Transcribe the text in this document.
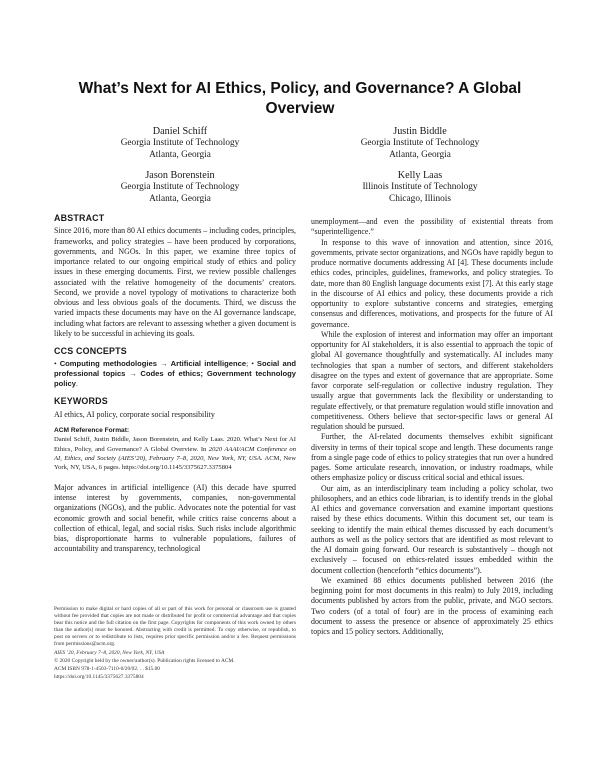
What’s Next for AI Ethics, Policy, and Governance? A Global Overview
Daniel Schiff
Georgia Institute of Technology
Atlanta, Georgia
Justin Biddle
Georgia Institute of Technology
Atlanta, Georgia
Jason Borenstein
Georgia Institute of Technology
Atlanta, Georgia
Kelly Laas
Illinois Institute of Technology
Chicago, Illinois
ABSTRACT

Since 2016, more than 80 AI ethics documents – including codes, principles, frameworks, and policy strategies – have been produced by corporations, governments, and NGOs. In this paper, we examine three topics of importance related to our ongoing empirical study of ethics and policy issues in these emerging documents. First, we review possible challenges associated with the relative homogeneity of the documents’ creators. Second, we provide a novel typology of motivations to characterize both obvious and less obvious goals of the documents. Third, we discuss the varied impacts these documents may have on the AI governance landscape, including what factors are relevant to assessing whether a given document is likely to be successful in achieving its goals.

CCS CONCEPTS

• Computing methodologies → Artificial intelligence; • Social and professional topics → Codes of ethics; Government technology policy.

KEYWORDS

AI ethics, AI policy, corporate social responsibility

ACM Reference Format:
Daniel Schiff, Justin Biddle, Jason Borenstein, and Kelly Laas. 2020. What’s Next for AI Ethics, Policy, and Governance? A Global Overview. In 2020 AAAI/ACM Conference on AI, Ethics, and Society (AIES’20), February 7–8, 2020, New York, NY, USA. ACM, New York, NY, USA, 6 pages. https://doi.org/10.1145/3375627.3375804

Major advances in artificial intelligence (AI) this decade have spurred intense interest by governments, companies, non-governmental organizations (NGOs), and the public. Advocates note the potential for vast economic growth and social benefit, while critics raise concerns about a collection of ethical, legal, and social risks. Such risks include algorithmic bias, disproportionate harms to vulnerable populations, failures of accountability and transparency, technological

Permission to make digital or hard copies of all or part of this work for personal or classroom use is granted without fee provided that copies are not made or distributed for profit or commercial advantage and that copies bear this notice and the full citation on the first page. Copyrights for components of this work owned by others than the author(s) must be honored. Abstracting with credit is permitted. To copy otherwise, or republish, to post on servers or to redistribute to lists, requires prior specific permission and/or a fee. Request permissions from permissions@acm.org.

AIES ’20, February 7–8, 2020, New York, NY, USA

© 2020 Copyright held by the owner/author(s). Publication rights licensed to ACM.

ACM ISBN 978-1-4503-7110-0/20/02. . . $15.00

https://doi.org/10.1145/3375627.3375804

unemployment—and even the possibility of existential threats from “superintelligence.”

In response to this wave of innovation and attention, since 2016, governments, private sector organizations, and NGOs have rapidly begun to produce normative documents addressing AI [4]. These documents include ethics codes, principles, guidelines, frameworks, and policy strategies. To date, more than 80 English language documents exist [7]. At this early stage in the discourse of AI ethics and policy, these documents provide a rich opportunity to explore substantive concerns and strategies, emerging consensus and differences, motivations, and prospects for the future of AI governance.

While the explosion of interest and information may offer an important opportunity for AI stakeholders, it is also essential to approach the topic of global AI governance thoughtfully and systematically. AI includes many technologies that span a number of sectors, and different stakeholders disagree on the types and extent of governance that are appropriate. Some favor corporate self-regulation or collective industry regulation. They usually argue that governments lack the flexibility or understanding to regulate effectively, or that premature regulation would stifle innovation and competitiveness. Others believe that sector-specific laws or general AI regulation should be pursued.

Further, the AI-related documents themselves exhibit significant diversity in terms of their topical scope and length. These documents range from a single page code of ethics to policy strategies that run over a hundred pages. Some articulate research, innovation, or industry roadmaps, while others emphasize policy or discuss critical social and ethical issues.

Our aim, as an interdisciplinary team including a policy scholar, two philosophers, and an ethics code librarian, is to identify trends in the global AI ethics and governance conversation and examine important questions raised by these ethics documents. Within this document set, our team is seeking to identify the main ethical themes discussed by each document’s authors as well as the policy sectors that are identified as most relevant to the AI domain going forward. Our research is substantively – though not exclusively – focused on ethics-related issues embedded within the document collection (henceforth “ethics documents”).

We examined 88 ethics documents published between 2016 (the beginning point for most documents in this realm) to July 2019, including documents published by actors from the public, private, and NGO sectors. Two coders (of a total of four) are in the process of examining each document to assess the presence or absence of approximately 25 ethics topics and 15 policy sectors. Additionally,
